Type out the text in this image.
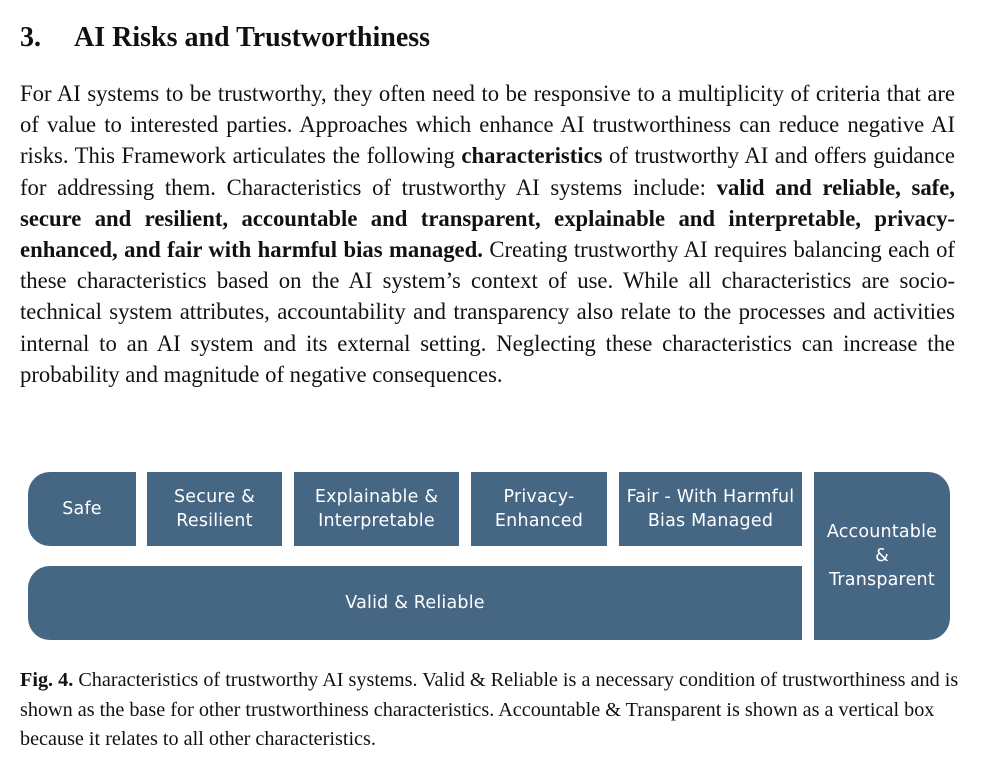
3. AI Risks and Trustworthiness

For AI systems to be trustworthy, they often need to be responsive to a multiplicity of criteria that are of value to interested parties. Approaches which enhance AI trustworthiness can reduce negative AI risks. This Framework articulates the following characteristics of trustworthy AI and offers guidance for addressing them. Characteristics of trustworthy AI systems include: valid and reliable, safe, secure and resilient, accountable and transparent, explainable and interpretable, privacy-enhanced, and fair with harmful bias managed. Creating trustworthy AI requires balancing each of these characteristics based on the AI system’s context of use. While all characteristics are socio-technical system attributes, accountability and transparency also relate to the processes and activities internal to an AI system and its external setting. Neglecting these characteristics can increase the probability and magnitude of negative consequences.

Safe
Secure &
Resilient
Explainable &
Interpretable
Privacy-
Enhanced
Fair - With Harmful
Bias Managed
Valid & Reliable
Accountable
&
Transparent

Fig. 4. Characteristics of trustworthy AI systems. Valid & Reliable is a necessary condition of trustworthiness and is shown as the base for other trustworthiness characteristics. Accountable & Transparent is shown as a vertical box because it relates to all other characteristics.
